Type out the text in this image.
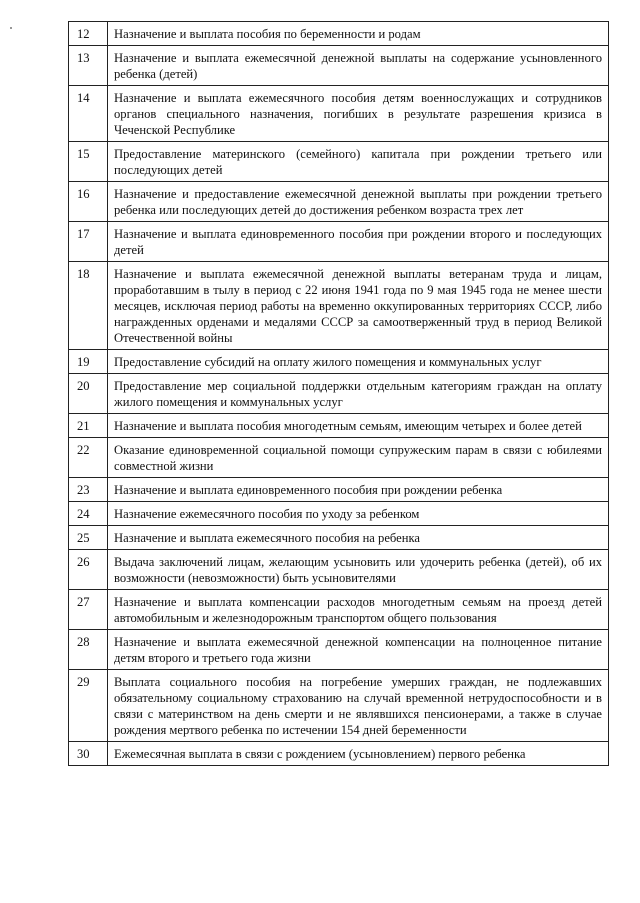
12	Назначение и выплата пособия по беременности и родам
13	Назначение и выплата ежемесячной денежной выплаты на содержание усыновленного ребенка (детей)
14	Назначение и выплата ежемесячного пособия детям военнослужащих и сотрудников органов специального назначения, погибших в результате разрешения кризиса в Чеченской Республике
15	Предоставление материнского (семейного) капитала при рождении третьего или последующих детей
16	Назначение и предоставление ежемесячной денежной выплаты при рождении третьего ребенка или последующих детей до достижения ребенком возраста трех лет
17	Назначение и выплата единовременного пособия при рождении второго и последующих детей
18	Назначение и выплата ежемесячной денежной выплаты ветеранам труда и лицам, проработавшим в тылу в период с 22 июня 1941 года по 9 мая 1945 года не менее шести месяцев, исключая период работы на временно оккупированных территориях СССР, либо награжденных орденами и медалями СССР за самоотверженный труд в период Великой Отечественной войны
19	Предоставление субсидий на оплату жилого помещения и коммунальных услуг
20	Предоставление мер социальной поддержки отдельным категориям граждан на оплату жилого помещения и коммунальных услуг
21	Назначение и выплата пособия многодетным семьям, имеющим четырех и более детей
22	Оказание единовременной социальной помощи супружеским парам в связи с юбилеями совместной жизни
23	Назначение и выплата единовременного пособия при рождении ребенка
24	Назначение ежемесячного пособия по уходу за ребенком
25	Назначение и выплата ежемесячного пособия на ребенка
26	Выдача заключений лицам, желающим усыновить или удочерить ребенка (детей), об их возможности (невозможности) быть усыновителями
27	Назначение и выплата компенсации расходов многодетным семьям на проезд детей автомобильным и железнодорожным транспортом общего пользования
28	Назначение и выплата ежемесячной денежной компенсации на полноценное питание детям второго и третьего года жизни
29	Выплата социального пособия на погребение умерших граждан, не подлежавших обязательному социальному страхованию на случай временной нетрудоспособности и в связи с материнством на день смерти и не являвшихся пенсионерами, а также в случае рождения мертвого ребенка по истечении 154 дней беременности
30	Ежемесячная выплата в связи с рождением (усыновлением) первого ребенка
